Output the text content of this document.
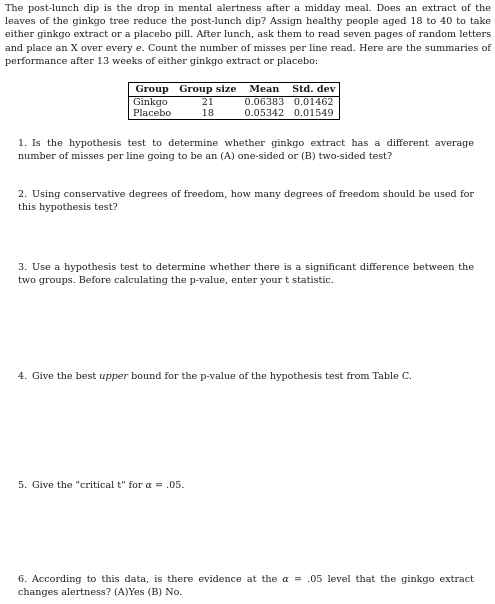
The post-lunch dip is the drop in mental alertness after a midday meal. Does an extract of the leaves of the ginkgo tree reduce the post-lunch dip? Assign healthy people aged 18 to 40 to take either ginkgo extract or a placebo pill. After lunch, ask them to read seven pages of random letters and place an X over every e. Count the number of misses per line read. Here are the summaries of performance after 13 weeks of either ginkgo extract or placebo:
Group	Group size	Mean	Std. dev
Ginkgo	21	0.06383	0.01462
Placebo	18	0.05342	0.01549
1. Is the hypothesis test to determine whether ginkgo extract has a different average number of misses per line going to be an (A) one-sided or (B) two-sided test?
2. Using conservative degrees of freedom, how many degrees of freedom should be used for this hypothesis test?
3. Use a hypothesis test to determine whether there is a significant difference between the two groups. Before calculating the p-value, enter your t statistic.
4. Give the best upper bound for the p-value of the hypothesis test from Table C.
5. Give the "critical t" for α = .05.
6. According to this data, is there evidence at the α = .05 level that the ginkgo extract changes alertness? (A)Yes (B) No.
